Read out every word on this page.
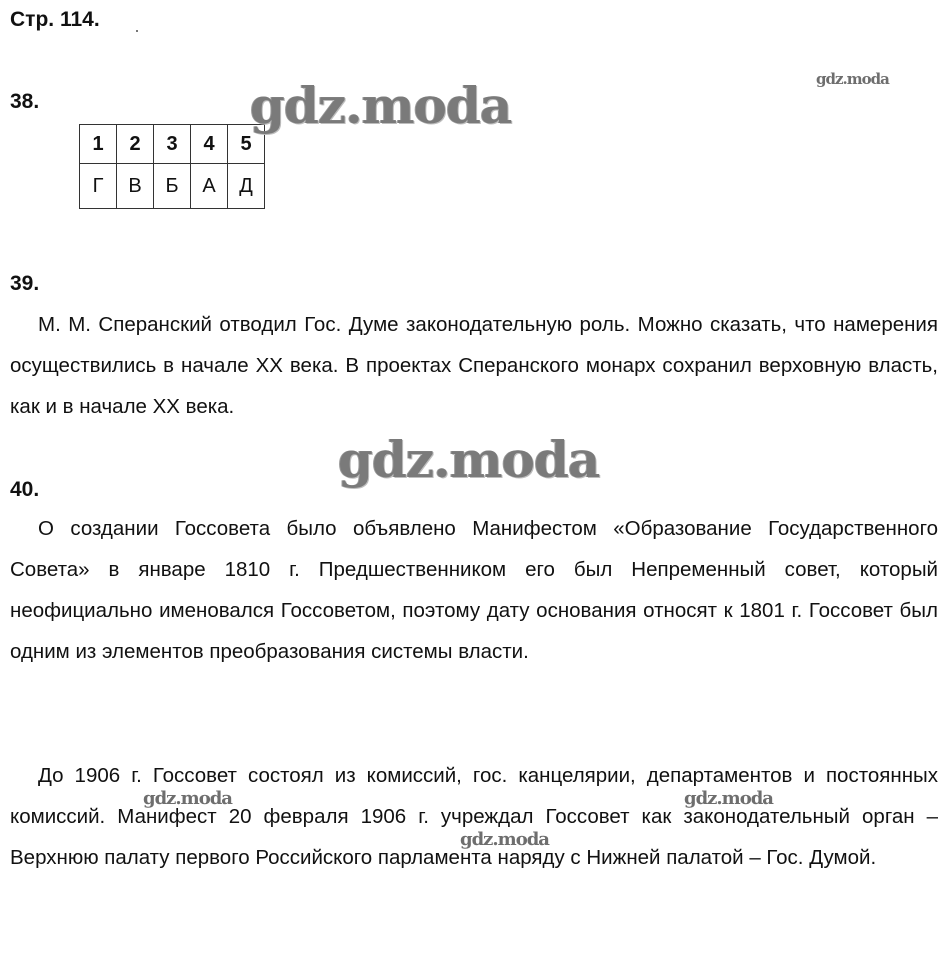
Стр. 114.
38.
1	2	3	4	5
Г	В	Б	А	Д
39.

М. М. Сперанский отводил Гос. Думе законодательную роль. Можно сказать, что намерения осуществились в начале XX века. В проектах Сперанского монарх сохранил верховную власть, как и в начале XX века.

40.

О создании Госсовета было объявлено Манифестом «Образование Государственного Совета» в январе 1810 г. Предшественником его был Непременный совет, который неофициально именовался Госсоветом, поэтому дату основания относят к 1801 г. Госсовет был одним из элементов преобразования системы власти.

До 1906 г. Госсовет состоял из комиссий, гос. канцелярии, департаментов и постоянных комиссий. Манифест 20 февраля 1906 г. учреждал Госсовет как законодательный орган – Верхнюю палату первого Российского парламента наряду с Нижней палатой – Гос. Думой.

gdz.moda	gdz.moda
gdz.moda
gdz.moda	gdz.moda
gdz.moda
